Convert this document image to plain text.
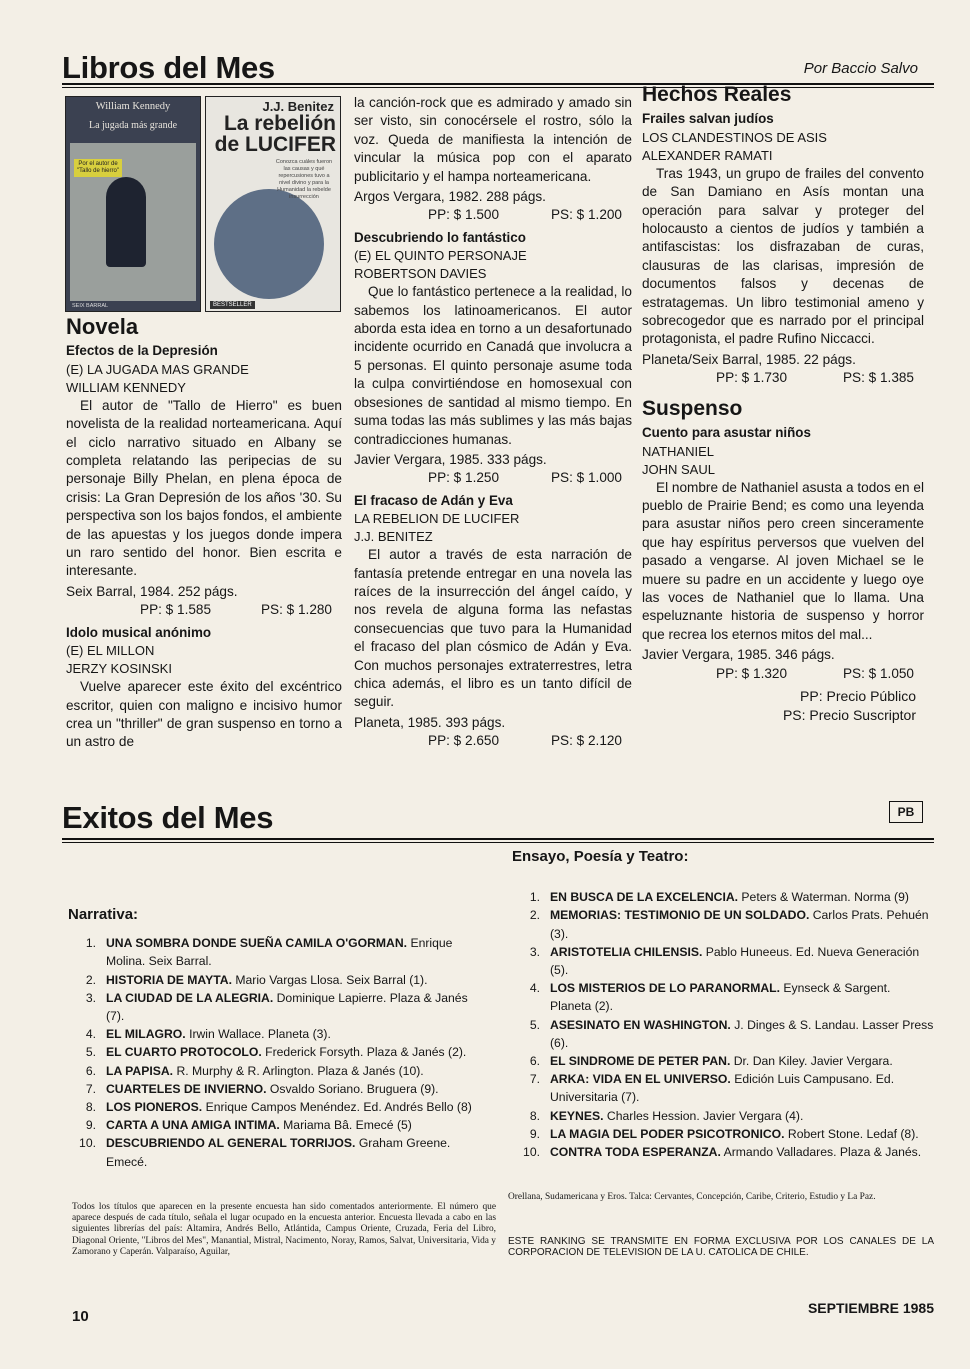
Libros del Mes	Por Baccio Salvo
William Kennedy
La jugada más grande
Por el autor de "Tallo de hierro"
SEIX BARRAL
J.J. Benitez
La rebelión de LUCIFER
Conozca cuáles fueron las causas y qué repercusiones tuvo a nivel divino y para la Humanidad la rebelde insurrección
BESTSELLER
Novela
Efectos de la Depresión
(E) LA JUGADA MAS GRANDE
WILLIAM KENNEDY

El autor de "Tallo de Hierro" es buen novelista de la realidad norteamericana. Aquí el ciclo narrativo situado en Albany se completa relatando las peripecias de su personaje Billy Phelan, en plena época de crisis: La Gran Depresión de los años '30. Su perspectiva son los bajos fondos, el ambiente de las apuestas y los juegos donde impera un raro sentido del honor. Bien escrita e interesante.

Seix Barral, 1984. 252 págs.
PP: $ 1.585	PS: $ 1.280
Idolo musical anónimo
(E) EL MILLON
JERZY KOSINSKI

Vuelve aparecer este éxito del excéntrico escritor, quien con maligno e incisivo humor crea un "thriller" de gran suspenso en torno a un astro de

la canción-rock que es admirado y amado sin ser visto, sin conocérsele el rostro, sólo la voz. Queda de manifiesta la intención de vincular la música pop con el aparato publicitario y el hampa norteamericana.

Argos Vergara, 1982. 288 págs.
PP: $ 1.500	PS: $ 1.200
Descubriendo lo fantástico
(E) EL QUINTO PERSONAJE
ROBERTSON DAVIES

Que lo fantástico pertenece a la realidad, lo sabemos los latinoamericanos. El autor aborda esta idea en torno a un desafortunado incidente ocurrido en Canadá que involucra a 5 personas. El quinto personaje asume toda la culpa convirtiéndose en homosexual con obsesiones de santidad al mismo tiempo. En suma todas las más sublimes y las más bajas contradicciones humanas.

Javier Vergara, 1985. 333 págs.
PP: $ 1.250	PS: $ 1.000
El fracaso de Adán y Eva
LA REBELION DE LUCIFER
J.J. BENITEZ

El autor a través de esta narración de fantasía pretende entregar en una novela las raíces de la insurrección del ángel caído, y nos revela de alguna forma las nefastas consecuencias que tuvo para la Humanidad el fracaso del plan cósmico de Adán y Eva. Con muchos personajes extraterrestres, letra chica además, el libro es un tanto difícil de seguir.

Planeta, 1985. 393 págs.
PP: $ 2.650	PS: $ 2.120
Hechos Reales
Frailes salvan judíos
LOS CLANDESTINOS DE ASIS
ALEXANDER RAMATI

Tras 1943, un grupo de frailes del convento de San Damiano en Asís montan una operación para salvar y proteger del holocausto a cientos de judíos y también a antifascistas: los disfrazaban de curas, clausuras de las clarisas, impresión de documentos falsos y decenas de estratagemas. Un libro testimonial ameno y sobrecogedor que es narrado por el principal protagonista, el padre Rufino Niccacci.

Planeta/Seix Barral, 1985. 22 págs.
PP: $ 1.730	PS: $ 1.385
Suspenso
Cuento para asustar niños
NATHANIEL
JOHN SAUL

El nombre de Nathaniel asusta a todos en el pueblo de Prairie Bend; es como una leyenda para asustar niños pero creen sinceramente que hay espíritus perversos que vuelven del pasado a vengarse. Al joven Michael se le muere su padre en un accidente y luego oye las voces de Nathaniel que lo llama. Una espeluznante historia de suspenso y horror que recrea los eternos mitos del mal...

Javier Vergara, 1985. 346 págs.
PP: $ 1.320	PS: $ 1.050
PP: Precio Público
PS: Precio Suscriptor
PB
Exitos del Mes
Narrativa:
1. UNA SOMBRA DONDE SUEÑA CAMILA O'GORMAN. Enrique Molina. Seix Barral.
2. HISTORIA DE MAYTA. Mario Vargas Llosa. Seix Barral (1).
3. LA CIUDAD DE LA ALEGRIA. Dominique Lapierre. Plaza & Janés (7).
4. EL MILAGRO. Irwin Wallace. Planeta (3).
5. EL CUARTO PROTOCOLO. Frederick Forsyth. Plaza & Janés (2).
6. LA PAPISA. R. Murphy & R. Arlington. Plaza & Janés (10).
7. CUARTELES DE INVIERNO. Osvaldo Soriano. Bruguera (9).
8. LOS PIONEROS. Enrique Campos Menéndez. Ed. Andrés Bello (8)
9. CARTA A UNA AMIGA INTIMA. Mariama Bâ. Emecé (5)
10. DESCUBRIENDO AL GENERAL TORRIJOS. Graham Greene. Emecé.
Ensayo, Poesía y Teatro:
1. EN BUSCA DE LA EXCELENCIA. Peters & Waterman. Norma (9)
2. MEMORIAS: TESTIMONIO DE UN SOLDADO. Carlos Prats. Pehuén (3).
3. ARISTOTELIA CHILENSIS. Pablo Huneeus. Ed. Nueva Generación (5).
4. LOS MISTERIOS DE LO PARANORMAL. Eynseck & Sargent. Planeta (2).
5. ASESINATO EN WASHINGTON. J. Dinges & S. Landau. Lasser Press (6).
6. EL SINDROME DE PETER PAN. Dr. Dan Kiley. Javier Vergara.
7. ARKA: VIDA EN EL UNIVERSO. Edición Luis Campusano. Ed. Universitaria (7).
8. KEYNES. Charles Hession. Javier Vergara (4).
9. LA MAGIA DEL PODER PSICOTRONICO. Robert Stone. Ledaf (8).
10. CONTRA TODA ESPERANZA. Armando Valladares. Plaza & Janés.
Todos los títulos que aparecen en la presente encuesta han sido comentados anteriormente. El número que aparece después de cada título, señala el lugar ocupado en la encuesta anterior. Encuesta llevada a cabo en las siguientes librerías del país: Altamira, Andrés Bello, Atlántida, Campus Oriente, Cruzada, Feria del Libro, Diagonal Oriente, "Libros del Mes", Manantial, Mistral, Nacimento, Noray, Ramos, Salvat, Universitaria, Vida y Zamorano y Caperán. Valparaíso, Aguilar,
Orellana, Sudamericana y Eros. Talca: Cervantes, Concepción, Caribe, Criterio, Estudio y La Paz.
ESTE RANKING SE TRANSMITE EN FORMA EXCLUSIVA POR LOS CANALES DE LA CORPORACION DE TELEVISION DE LA U. CATOLICA DE CHILE.
10	SEPTIEMBRE 1985
